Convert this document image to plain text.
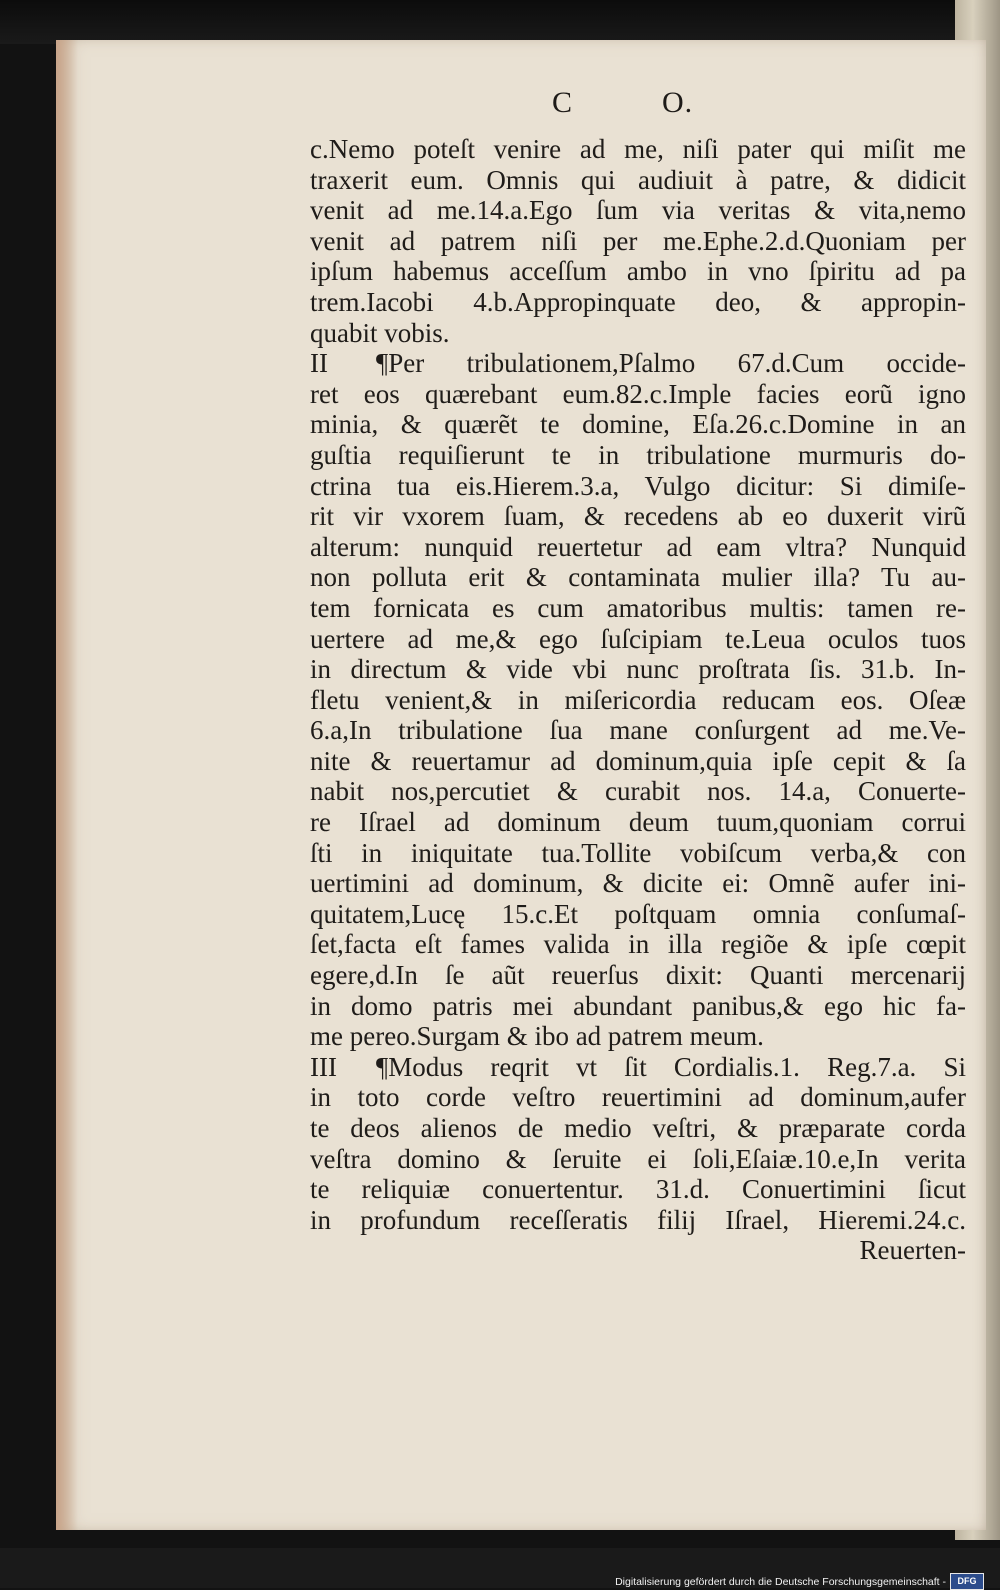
C	O.
c.Nemo poteſt venire ad me, niſi pater qui miſit me
traxerit eum. Omnis qui audiuit à patre, & didicit
venit ad me.14.a.Ego ſum via veritas & vita,nemo
venit ad patrem niſi per me.Ephe.2.d.Quoniam per
ipſum habemus acceſſum ambo in vno ſpiritu ad pa
trem.Iacobi 4.b.Appropinquate deo, & appropin-
quabit vobis.
II	¶Per tribulationem,Pſalmo 67.d.Cum occide-
ret eos quærebant eum.82.c.Imple facies eorũ igno
minia, & quærẽt te domine, Eſa.26.c.Domine in an
guſtia requiſierunt te in tribulatione murmuris do-
ctrina tua eis.Hierem.3.a, Vulgo dicitur: Si dimiſe-
rit vir vxorem ſuam, & recedens ab eo duxerit virũ
alterum: nunquid reuertetur ad eam vltra? Nunquid
non polluta erit & contaminata mulier illa? Tu au-
tem fornicata es cum amatoribus multis: tamen re-
uertere ad me,& ego ſuſcipiam te.Leua oculos tuos
in directum & vide vbi nunc proſtrata ſis. 31.b. In-
fletu venient,& in miſericordia reducam eos. Oſeæ
6.a,In tribulatione ſua mane conſurgent ad me.Ve-
nite & reuertamur ad dominum,quia ipſe cepit & ſa
nabit nos,percutiet & curabit nos. 14.a, Conuerte-
re Iſrael ad dominum deum tuum,quoniam corrui
ſti in iniquitate tua.Tollite vobiſcum verba,& con
uertimini ad dominum, & dicite ei: Omnẽ aufer ini-
quitatem,Lucę 15.c.Et poſtquam omnia conſumaſ-
ſet,facta eſt fames valida in illa regiõe & ipſe cœpit
egere,d.In ſe aũt reuerſus dixit: Quanti mercenarij
in domo patris mei abundant panibus,& ego hic fa-
me pereo.Surgam & ibo ad patrem meum.
III	¶Modus reqrit vt ſit Cordialis.1. Reg.7.a. Si
in toto corde veſtro reuertimini ad dominum,aufer
te deos alienos de medio veſtri, & præparate corda
veſtra domino & ſeruite ei ſoli,Eſaiæ.10.e,In verita
te reliquiæ conuertentur. 31.d. Conuertimini ſicut
in profundum receſſeratis filij Iſrael, Hieremi.24.c.
Reuerten-
Digitalisierung gefördert durch die Deutsche Forschungsgemeinschaft -	DFG
